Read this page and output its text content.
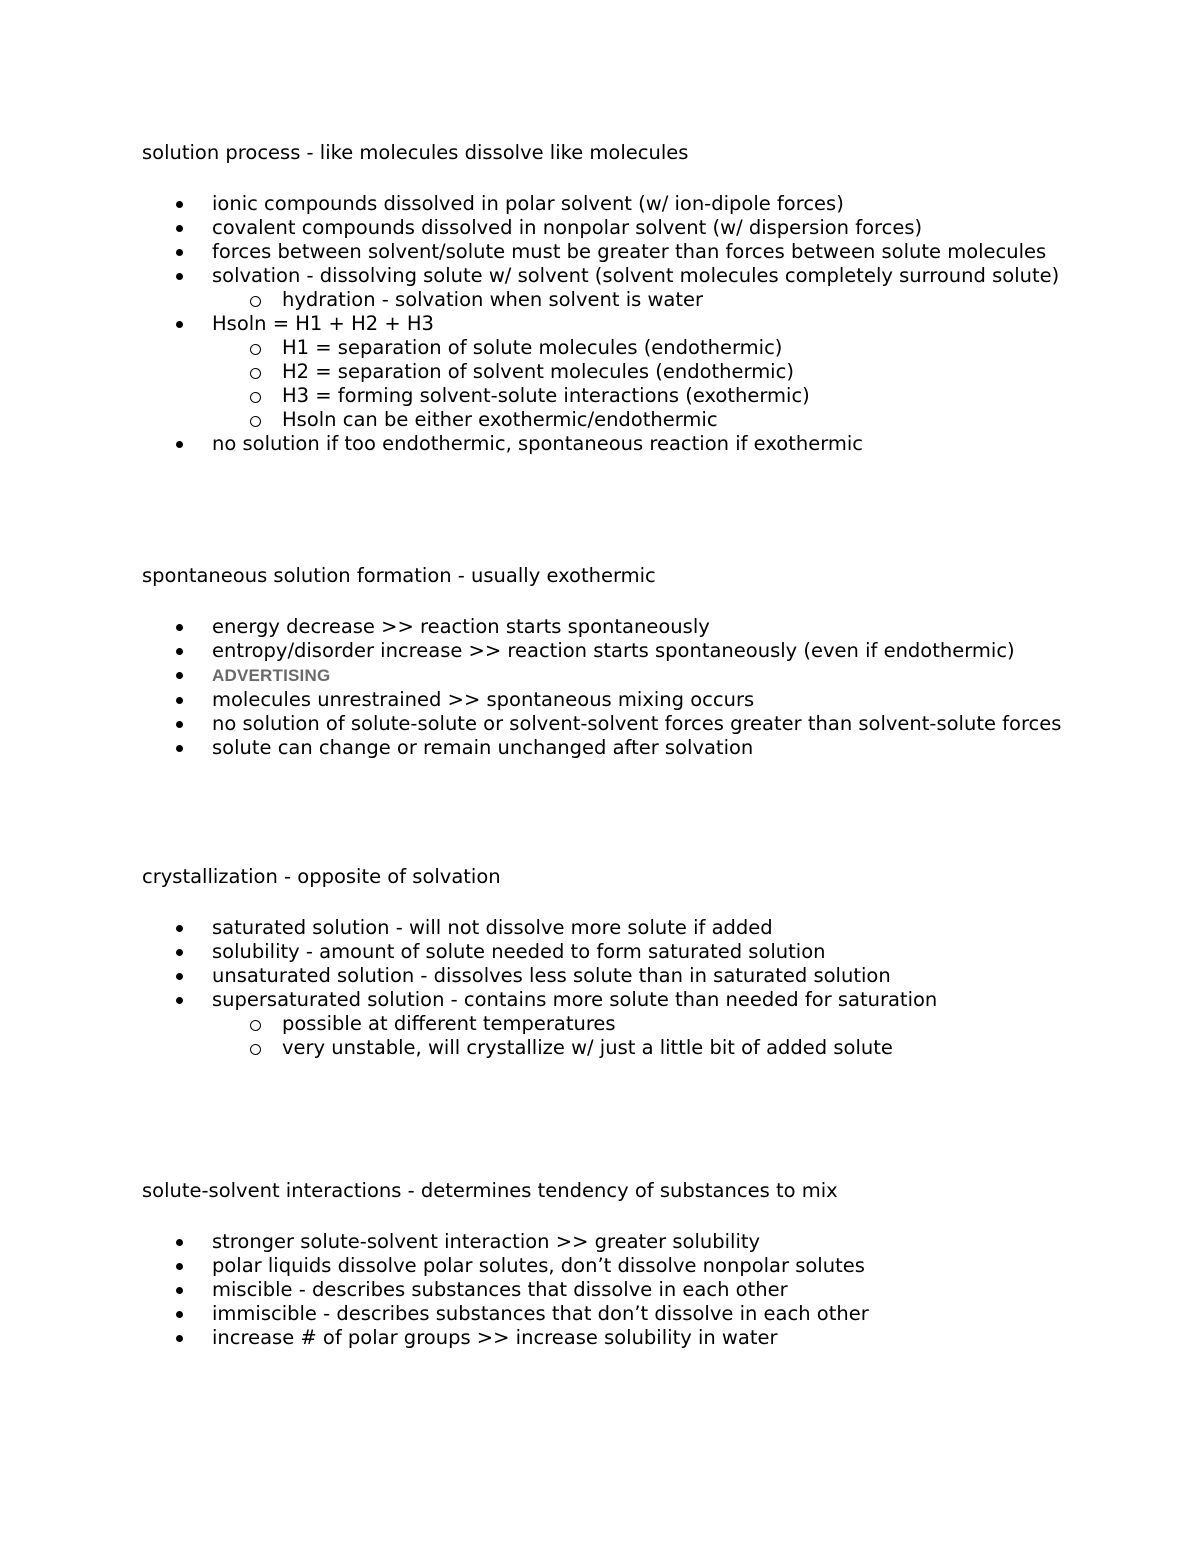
solution process - like molecules dissolve like molecules
ionic compounds dissolved in polar solvent (w/ ion-dipole forces)
covalent compounds dissolved in nonpolar solvent (w/ dispersion forces)
forces between solvent/solute must be greater than forces between solute molecules
solvation - dissolving solute w/ solvent (solvent molecules completely surround solute)
hydration - solvation when solvent is water
Hsoln = H1 + H2 + H3
H1 = separation of solute molecules (endothermic)
H2 = separation of solvent molecules (endothermic)
H3 = forming solvent-solute interactions (exothermic)
Hsoln can be either exothermic/endothermic
no solution if too endothermic, spontaneous reaction if exothermic
spontaneous solution formation - usually exothermic
energy decrease >> reaction starts spontaneously
entropy/disorder increase >> reaction starts spontaneously (even if endothermic)
ADVERTISING
molecules unrestrained >> spontaneous mixing occurs
no solution of solute-solute or solvent-solvent forces greater than solvent-solute forces
solute can change or remain unchanged after solvation
crystallization - opposite of solvation
saturated solution - will not dissolve more solute if added
solubility - amount of solute needed to form saturated solution
unsaturated solution - dissolves less solute than in saturated solution
supersaturated solution - contains more solute than needed for saturation
possible at different temperatures
very unstable, will crystallize w/ just a little bit of added solute
solute-solvent interactions - determines tendency of substances to mix
stronger solute-solvent interaction >> greater solubility
polar liquids dissolve polar solutes, don’t dissolve nonpolar solutes
miscible - describes substances that dissolve in each other
immiscible - describes substances that don’t dissolve in each other
increase # of polar groups >> increase solubility in water
